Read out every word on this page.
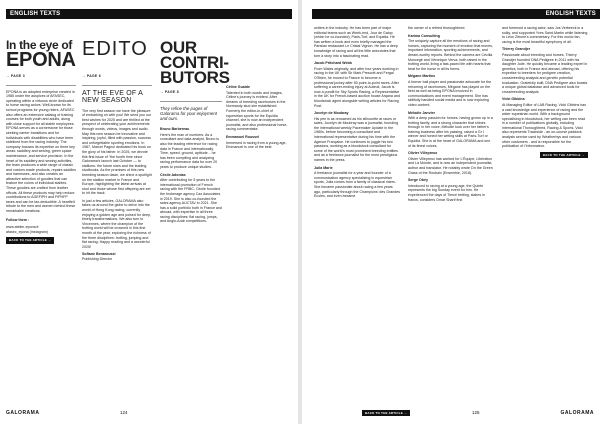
ENGLISH TEXTS
In the eye of
EPONA
→ PAGE 3

EPONA is an adopted enterprise created in 1985 under the auspices of AFASEC, operating within a virtuous circle dedicated to horse racing actors. Well-known for its school programs for young riders, AFASEC also offers an extensive catalog of training courses for both youth and adults, along with close support for all stable employees. EPONA serves as a cornerstone for those seeking career transitions and for individuals with disabilities who have been sidelined from the racing industry. The company focuses its expertise on three key areas: saddlery and sewing, green space maintenance, and service provision. In the heart of its saddlery and sewing activities, the team produces a wide range of classic and custom-made products, repairs saddles and harnesses, and also creates an attractive selection of goodies that can feature the colors of individual stables. These goodies are crafted from leather offcuts. All these products may help reduce contributions to AGEFIPH and FIPHFP taxes and can be tax-deductible. A heartfelt tribute to the men and women behind these remarkable creations.

Follow them :

www.atelier-epona.fr

afasec_epona (Instagram)

BACK TO THE ARTICLE →
EDITO
→ PAGE 6
AT THE EVE OF A NEW SEASON

The very first season we have the pleasure of embarking on with you! We send you our best wishes for 2025 and are thrilled at the prospect of celebrating your achievements through words, videos, images and audio. May this new season be innovative and inspiring, joyful, filled with passion, success and unforgettable sporting emotions. In 1987, Marcel Pagnol dedicated his book on the glory of his father. In 2025, we devote this first issue of “the fourth time since Galorama’s launch last October — to stallions: the future sires and the leading studbooks. As the promises of this new breeding season dawn, we shine a spotlight on the stallion market in France and Europe, highlighting the latest arrivals at stud and those whose first offspring are set to hit the track.

In just a few articles, GALORAMA also takes us around the globe to delve into the world of Hong Kong racing, currently enjoying a golden age and poised for deep, timely transformations. We also turn to Vincennes, where the champion of the trotting world will be crowned in this first month of the year, exploring the richness of the three disciplines: trotting, jumping and flat racing. Happy reading and a wonderful 2025!

Sofiane Benaroussi

Publishing Director

OUR
CONTRI-
BUTORS
→ PAGE 8
They refine the pages of Galorama for your enjoyment and ours.

Bruno Barbereau

Here's the man of numbers. As a consultant and data analyst, Bruno is also the leading reference for racing data in France and internationally. Time, speed, ground, aptitude... he has been compiling and analyzing racing performance data for over 20 years to produce unique studies.

Cécile Adonias

After contributing for 5 years to the international promotion of French racing with the FRBC, Cécile founded the brokerage agency Cax Associates in 2019. She is also co-founded the sales agency AUCTAV in 2021. She has a solid portfolio both in France and abroad, with expertise in all three racing disciplines: flat racing, jumps, and Anglo-Arab competitions.

Céline Guaide

Talented in both words and images, Céline's journey is evident. After dreams of breeding racehorses in the Normandy stud she established. Formerly the editor-in-chief of equestrian sports for the Equidia channel, she is now an independent journalist, and also professional horse-racing commentator.

Emmanuel Roussel

Immersed in racing from a young age, Emmanuel is one of the best

GALORAMA	124
ENGLISH TEXTS

writers in the industry. He has been part of major editorial teams such as Week-end, Jour de Galop (which he co-founded), Paris-Turf, and Equidia. He has written a book and even briefly managed the Parisian restaurant Le Cristal Vignon. He has a deep knowledge of racing and all the little anecdotes that turn a story into a fascinating read.

Jacob Pritchard Webb

From Wales originally, and after four years working in racing in the UK with Sir Mark Prescott and Fergal O'Brien, he moved to France to become a professional jockey after 50 point-to-point races. After suffering a career-ending injury at Auteuil, Jacob is now a pundit for Sky Sports Racing, a Representative in the UK for French-based auction house Arqana and bloodstock agent alongside writing articles for Racing Post.

Jocelyn de Moubray

His pen is as renowned as his silhouette at races or sales. Jocelyn de Moubray was a journalist, founding the international weekly Pacemaker Update in the 1980s, before becoming a consultant and international representative during his time with the Agence Française. He continues to juggle his two passions, working as a bloodstock consultant for some of the world's most prominent breeding entities and as a freelance journalist for the most prestigious names in the press.

Julia Marie

A freelance journalist for a year and founder of a communication agency specializing in equestrian sports, Julia comes from a family of classical riders. She became passionate about racing a few years ago, particularly through the Champions' des Grandes Écoles, and even became

the owner of a retired thoroughbred.

Karima Consulting

The uniquely capture all the emotions of racing and horses, capturing the moment of emotion that moves, important information, sporting achievements, and dream-worthy reports. Behind the camera are Cécilia Moncegé and Véronique Verva, both raised in the trotting world, living a fast-paced life with hearts that beat for the horse in all its forms.

Mégane Martins

A former ball player and passionate advocate for the rehoming of racehorses, Mégane has played on the field as well as being EPONA involved in communications and event management. She has skillfully handled social media and is now exploring video content.

Mélodie Janvier

With a deep passion for horses, having grown up in a trotting family, and a strong character that shines through in her voice, Mélodie took over her father's training business after his passing, raised a Gr I winner and honed her writing skills at Paris-Turf or Equidia. She is at the heart of GALORAMA and one of its finest voices.

Olivier Villepreux

Olivier Villepreux has worked for L'Équipe, Libération and La Monde, and is now an independent journalist, author and translator. He notably wrote On the Green Grass of the Roubaix (Ensemble, 2018).

Serge Obéy

Introduced to racing at a young age, the Quinte represents the big Sunday event for him. He experienced the days of Tiercé betting, stakes in francs, considers Omar Sharif first

and foremost a racing actor, saw Jos Verbeeck in a sulky, and supported Yves Saint-Martin while listening to Léon Zitrone's commentary. For this music fan, racing is the most beautiful symphony of all.

Thierry Grandjer

Passionate about breeding and horses, Thierry Grandjer founded DNA Pedigree in 2011 with his daughter Julie. He quickly became a leading expert in genetics, both in France and abroad, offering his expertise to breeders for pedigree creation, crossbreeding analysis and genetic potential evaluation. Gratefully built, DNA Pedigree also boasts a unique global database and advanced tools for crossbreeding analysis.

Vicki Gibbins

At Managing Editor of LAB Racing, Vicki Gibbins has a vast knowledge and experience of racing and the wider equestrian world. With a background specialising in bloodstock, her writing can been read in a number of publications globally, including International Thoroughbred, Racing & Sports. Vicki also represents Trackside - an on-course paddock analysis service used by Weatherbys and various other customers - and is responsible for the publication of l'Informateur.

BACK TO THE ARTICLE →
BACK TO THE ARTICLE →	125	GALORAMA
